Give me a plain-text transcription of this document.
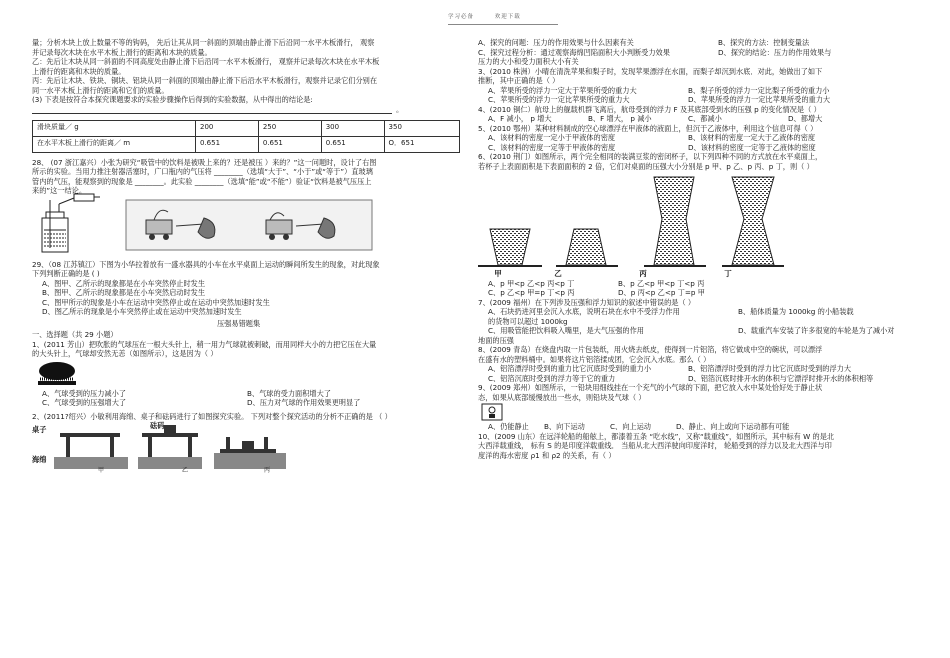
学习必备	欢迎下载

量；分析木块上放上数量不等的钩码， 先后让其从同一斜面的顶端由静止滑下后沿同一水平木板滑行， 观察

并记录每次木块在水平木板上滑行的距离和木块的质量。

乙：先后让木块从同一斜面的不同高度处由静止滑下后沿同一水平木板滑行， 观察并记录每次木块在水平木板

上滑行的距离和木块的质量。

丙：先后让木块、铁块、铜块、铝块从同一斜面的顶端由静止滑下后沿水平木板滑行，观察并记录它们分别在

同一水平木板上滑行的距离和它们的质量。

(3) 下表是按符合本探究课题要求的实验步骤操作后得到的实验数据，从中得出的结论是:

。

滑块质量／ g	200	250	300	350
在水平木板上滑行的距离／ m	0.651	0.651	0.651	O．651

28、 (07 浙江嘉兴）小张为研究“吸管中的饮料是被吸上来的？还是被压 ）来的？”这一问题时，设计了右图

所示的实验。当用力推注射器活塞时，广口瓶内的气压将 ________（选填“大于”、“小于”或“等于”）直玻璃

管内的气压，能观察到的现象是 ________。此实验 ________（选填“能”或“不能”）验证“饮料是被气压压上

来的”这一结论。

29、（08 江苏镇江）下图为小华拉着放有一盛水器具的小车在水平桌面上运动的瞬间所发生的现象，对此现象

下列判断正确的是 ( )

A、图甲、乙所示的现象都是在小车突然停止时发生

B、图甲、乙所示的现象都是在小车突然启动时发生

C、图甲所示的现象是小车在运动中突然停止或在运动中突然加速时发生

D、图乙所示的现象是小车突然停止或在运动中突然加速时发生

压强易错题集

一、选择题（共 29 小题）

1、(2011 芳山）把吹胀的气球压在一根大头针上，稍一用力气球就被刺破，而用同样大小的力把它压在大量

的大头针上，气球却安然无恙（如图所示），这是因为（ ）

A、气球受到的压力减小了	B、气球的受力面积增大了
C、气球受到的压强增大了	D、压力对气球的作用效果更明显了

2、(2011?绍兴）小敏利用海绵、桌子和砝码进行了如图探究实验。 下列对整个探究活动的分析不正确的是 （ ）

桌子	砝码
海绵
甲	乙	丙
A、探究的问题：压力的作用效果与什么因素有关	B、探究的方法：控制变量法
C、探究过程分析：通过观察海绵凹陷面积大小判断受力效果	D、探究的结论：压力的作用效果与

压力的大小和受力面积大小有关

3、(2010 株洲）小晴在清洗苹果和梨子时，发现苹果漂浮在水面，而梨子却沉到水底．对此，她做出了如下

推断，其中正确的是（ ）

A、苹果所受的浮力一定大于苹果所受的重力大	B、梨子所受的浮力一定比梨子所受的重力小
C、苹果所受的浮力一定比苹果所受的重力大	D、苹果所受的浮力一定比苹果所受的重力大

4、(2010 铜仁）航母上的舰载机群飞离后，航母受到的浮力 F 及其底部受到水的压强 p 的变化情况是（ ）

A、F 减小， p 增大	B、F 增大， p 减小	C、都减小	D、都增大

5、(2010 鄂州）某种材料制成的空心球漂浮在甲液体的液面上，但沉于乙液体中，利用这个信息可得（ ）

A、该材料的密度一定小于甲液体的密度	B、该材料的密度一定大于乙液体的密度
C、该材料的密度一定等于甲液体的密度	D、该材料的密度一定等于乙液体的密度

6、(2010 荆门）如图所示，两个完全相同的装满豆浆的密闭杯子，以下列四种不同的方式放在水平桌面上，

若杯子上表面面积是下表面面积的 2 倍，它们对桌面的压强大小分别是 p 甲、p 乙、p 丙、p 丁，则（ ）

甲	乙	丙	丁
A、p 甲<p 乙<p 丙<p 丁	B、p 乙<p 甲<p 丁<p 丙
C、p 乙<p 甲=p 丁<p 丙	D、p 丙<p 乙<p 丁=p 甲

7、(2009 福州）在下列涉及压强和浮力知识的叙述中错误的是（ ）

A、石块扔进河里会沉入水底，说明石块在水中不受浮力作用	B、船体质量为 1000kg 的小船装载

的货物可以超过 1000kg

C、用吸管能把饮料吸入嘴里，是大气压强的作用	D、载重汽车安装了许多很宽的车轮是为了减小对

地面的压强

8、(2009 青岛）在烧盘内取一片包装纸，用火烧去纸皮，使得到一片铝箔，将它做成中空的碗状，可以漂浮

在盛有水的塑料桶中。如果将这片铝箔揉成团，它会沉入水底。那么（ ）

A、铝箔漂浮时受到的重力比它沉底时受到的重力小	B、铝箔漂浮时受到的浮力比它沉底时受到的浮力大
C、铝箔沉底时受到的浮力等于它的重力	D、铝箔沉底时排开水的体积与它漂浮时排开水的体积相等

9、(2009 郑州）如图所示，一铅块用细线挂在一个充气的小气球的下面，把它放入水中某处恰好处于静止状

态，如果从底部缓慢放出一些水，则铅块及气球（ ）

A、仍能静止	B、向下运动	C、向上运动	D、静止、向上或向下运动都有可能

10、(2009 山东）在远洋轮船的船舷上，都漆着五条 “吃水线”，又称“载重线”，如图所示，其中标有 W 的是北

大西洋载重线， 标有 S 的是印度洋载重线． 当船从北大西洋驶向印度洋时， 轮船受到的浮力以及北大西洋与印

度洋的海水密度 ρ1 和 ρ2 的关系，有（ ）
